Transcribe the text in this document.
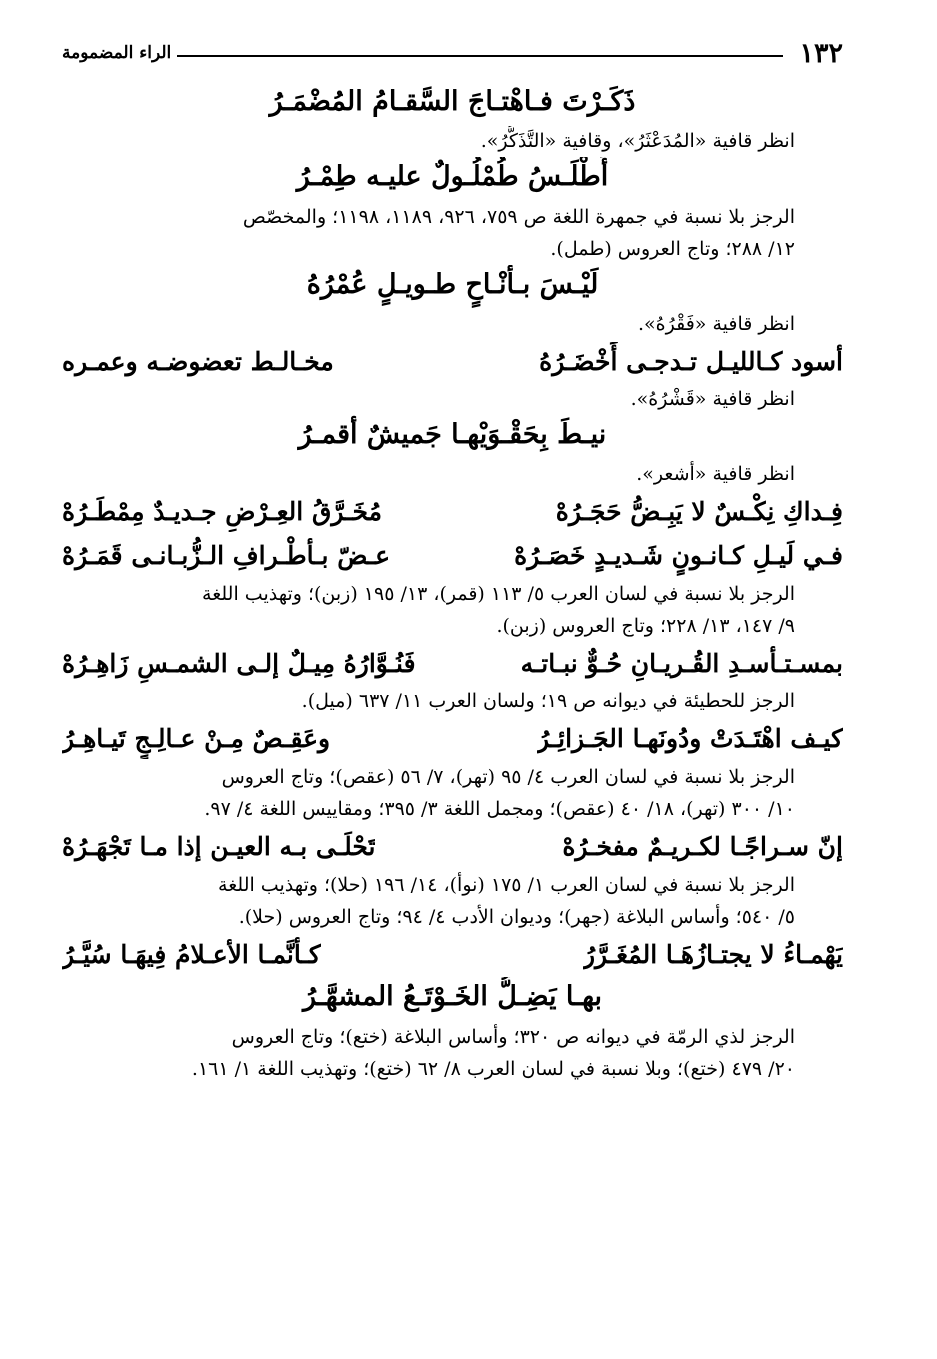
١٣٢
الراء المضمومة
ذَكَـرْتَ فـاهْتـاجَ السَّقـامُ المُضْمَـرُ
انظر قافية «المُدَعْثَرُ»، وقافية «التَّذَكُّرُ».
أَطْلَـسُ طُمْلُـولٌ عليـه طِمْـرُ
الرجز بلا نسبة في جمهرة اللغة ص ٧٥٩، ٩٢٦، ١١٨٩، ١١٩٨؛ والمخصّص
١٢/ ٢٨٨؛ وتاج العروس (طمل).
لَيْـسَ بـأنْـاحٍ طـويـلٍ عُمْرُهُ
انظر قافية «فَقْرُهُ».
أسود كـالليـل تـدجـى أَخْضَـرُهُ
مخـالـط تعضوضـه وعمـره
انظر قافية «قَشْرُهُ».
نيـطَ بِحَقْـوَيْهـا جَميشٌ أقمـرُ
انظر قافية «أشعر».
فِـداكِ نِكْـسٌ لا يَبِـضُّ حَجَـرُهْ
مُخَـرَّقُ العِـرْضِ جـديـدٌ مِمْطَـرُهْ
فـي لَيـلِ كـانـونٍ شَـديـدٍ خَصَـرُهْ
عـضّ بـأطْـرافِ الـزُّبـانـى قَمَـرُهْ
الرجز بلا نسبة في لسان العرب ٥/ ١١٣ (قمر)، ١٣/ ١٩٥ (زبن)؛ وتهذيب اللغة
٩/ ١٤٧، ١٣/ ٢٢٨؛ وتاج العروس (زبن).
بمسـتـأسـدِ القُـريـانِ حُـوٌّ نبـاتـه
فَنُـوَّارُهُ مِيـلٌ إلـى الشمـسِ زَاهِـرُهْ
الرجز للحطيئة في ديوانه ص ١٩؛ ولسان العرب ١١/ ٦٣٧ (ميل).
كيـف اهْتَـدَتْ ودُونَهـا الجَـزائِـرُ
وعَقِـصٌ مِـنْ عـالِـجٍ تَيـاهِـرُ
الرجز بلا نسبة في لسان العرب ٤/ ٩٥ (تهر)، ٧/ ٥٦ (عقص)؛ وتاج العروس
١٠/ ٣٠٠ (تهر)، ١٨/ ٤٠ (عقص)؛ ومجمل اللغة ٣/ ٣٩٥؛ ومقاييس اللغة ٤/ ٩٧.
إنّ سـراجًـا لكـريـمٌ مفخـرُهْ
تَحْلَـى بـه العيـن إذا مـا تَجْهَـرُهْ
الرجز بلا نسبة في لسان العرب ١/ ١٧٥ (نوأ)، ١٤/ ١٩٦ (حلا)؛ وتهذيب اللغة
٥/ ٥٤٠؛ وأساس البلاغة (جهر)؛ وديوان الأدب ٤/ ٩٤؛ وتاج العروس (حلا).
يَهْمـاءُ لا يجتـازُهَـا المُغَـرَّرُ
كـأنَّمـا الأعـلامُ فِيهَـا سُيَّـرُ
بهـا يَضِـلُّ الخَـوْتَـعُ المشهَّـرُ
الرجز لذي الرمّة في ديوانه ص ٣٢٠؛ وأساس البلاغة (ختع)؛ وتاج العروس
٢٠/ ٤٧٩ (ختع)؛ وبلا نسبة في لسان العرب ٨/ ٦٢ (ختع)؛ وتهذيب اللغة ١/ ١٦١.
